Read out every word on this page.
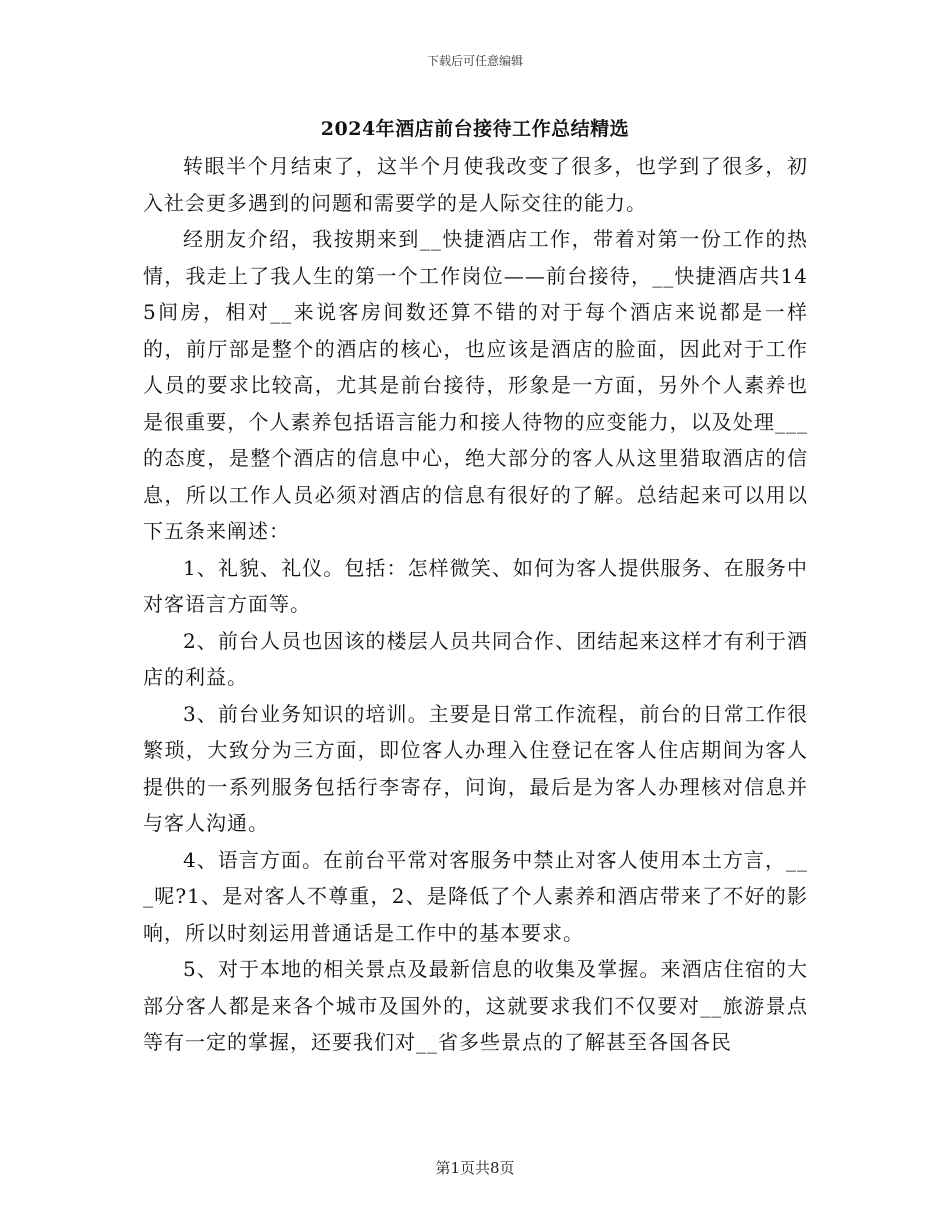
下载后可任意编辑
2024年酒店前台接待工作总结精选

转眼半个月结束了，这半个月使我改变了很多，也学到了很多，初入社会更多遇到的问题和需要学的是人际交往的能力。

经朋友介绍，我按期来到__快捷酒店工作，带着对第一份工作的热情，我走上了我人生的第一个工作岗位——前台接待，__快捷酒店共145间房，相对__来说客房间数还算不错的对于每个酒店来说都是一样的，前厅部是整个的酒店的核心，也应该是酒店的脸面，因此对于工作人员的要求比较高，尤其是前台接待，形象是一方面，另外个人素养也是很重要，个人素养包括语言能力和接人待物的应变能力，以及处理___的态度，是整个酒店的信息中心，绝大部分的客人从这里猎取酒店的信息，所以工作人员必须对酒店的信息有很好的了解。总结起来可以用以下五条来阐述：

1、礼貌、礼仪。包括：怎样微笑、如何为客人提供服务、在服务中对客语言方面等。

2、前台人员也因该的楼层人员共同合作、团结起来这样才有利于酒店的利益。

3、前台业务知识的培训。主要是日常工作流程，前台的日常工作很繁琐，大致分为三方面，即位客人办理入住登记在客人住店期间为客人提供的一系列服务包括行李寄存，问询，最后是为客人办理核对信息并与客人沟通。

4、语言方面。在前台平常对客服务中禁止对客人使用本土方言，___呢?1、是对客人不尊重，2、是降低了个人素养和酒店带来了不好的影响，所以时刻运用普通话是工作中的基本要求。

5、对于本地的相关景点及最新信息的收集及掌握。来酒店住宿的大部分客人都是来各个城市及国外的，这就要求我们不仅要对__旅游景点等有一定的掌握，还要我们对__省多些景点的了解甚至各国各民

第1页共8页
